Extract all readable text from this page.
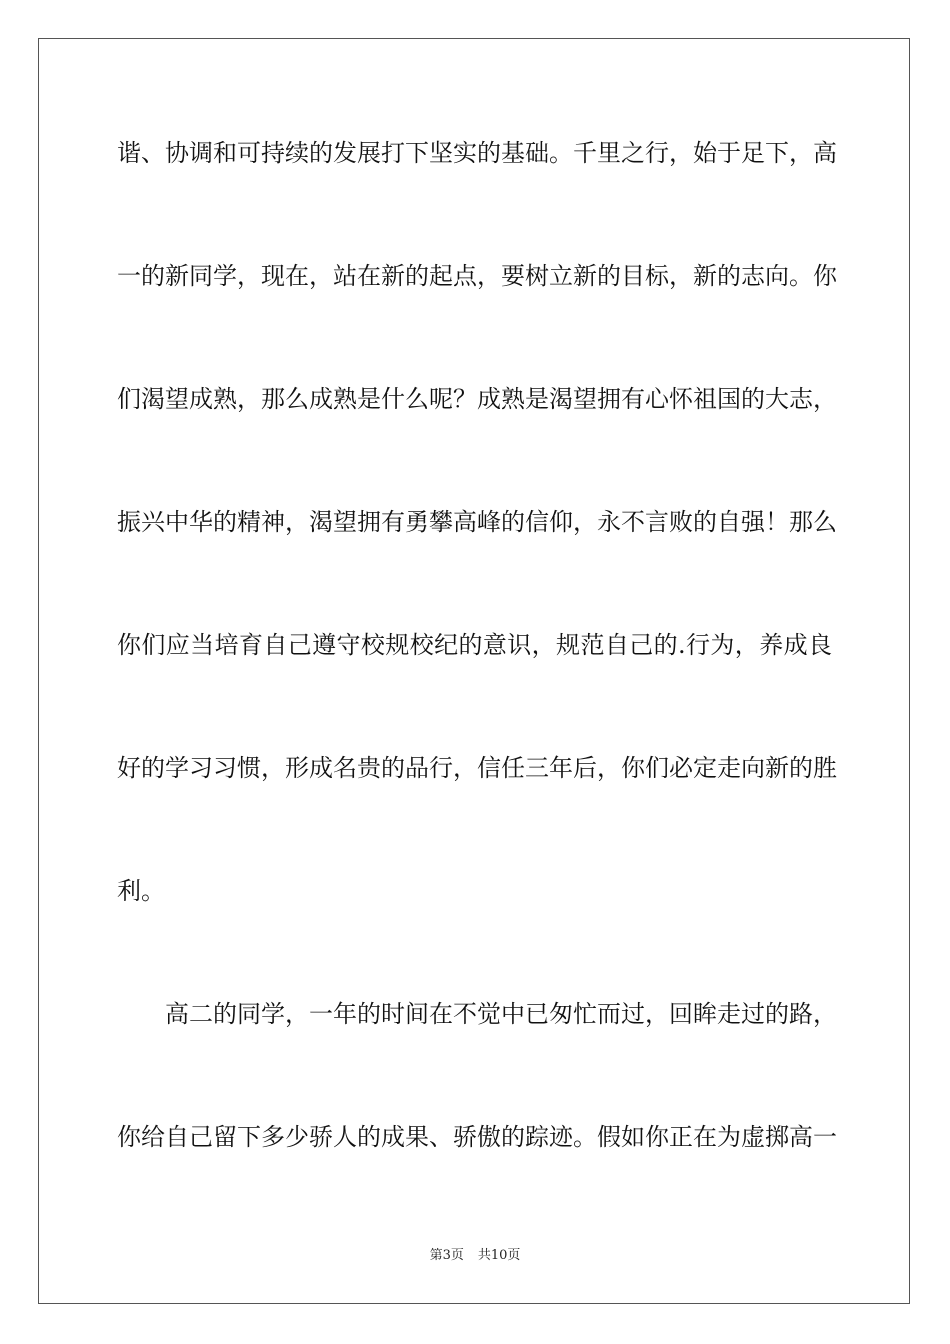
谐、协调和可持续的发展打下坚实的基础。千里之行，始于足下，高
一的新同学，现在，站在新的起点，要树立新的目标，新的志向。你
们渴望成熟，那么成熟是什么呢？成熟是渴望拥有心怀祖国的大志，
振兴中华的精神，渴望拥有勇攀高峰的信仰，永不言败的自强！那么
你们应当培育自己遵守校规校纪的意识，规范自己的.行为，养成良
好的学习习惯，形成名贵的品行，信任三年后，你们必定走向新的胜
利。
高二的同学，一年的时间在不觉中已匆忙而过，回眸走过的路，
你给自己留下多少骄人的成果、骄傲的踪迹。假如你正在为虚掷高一
第3页 共10页
